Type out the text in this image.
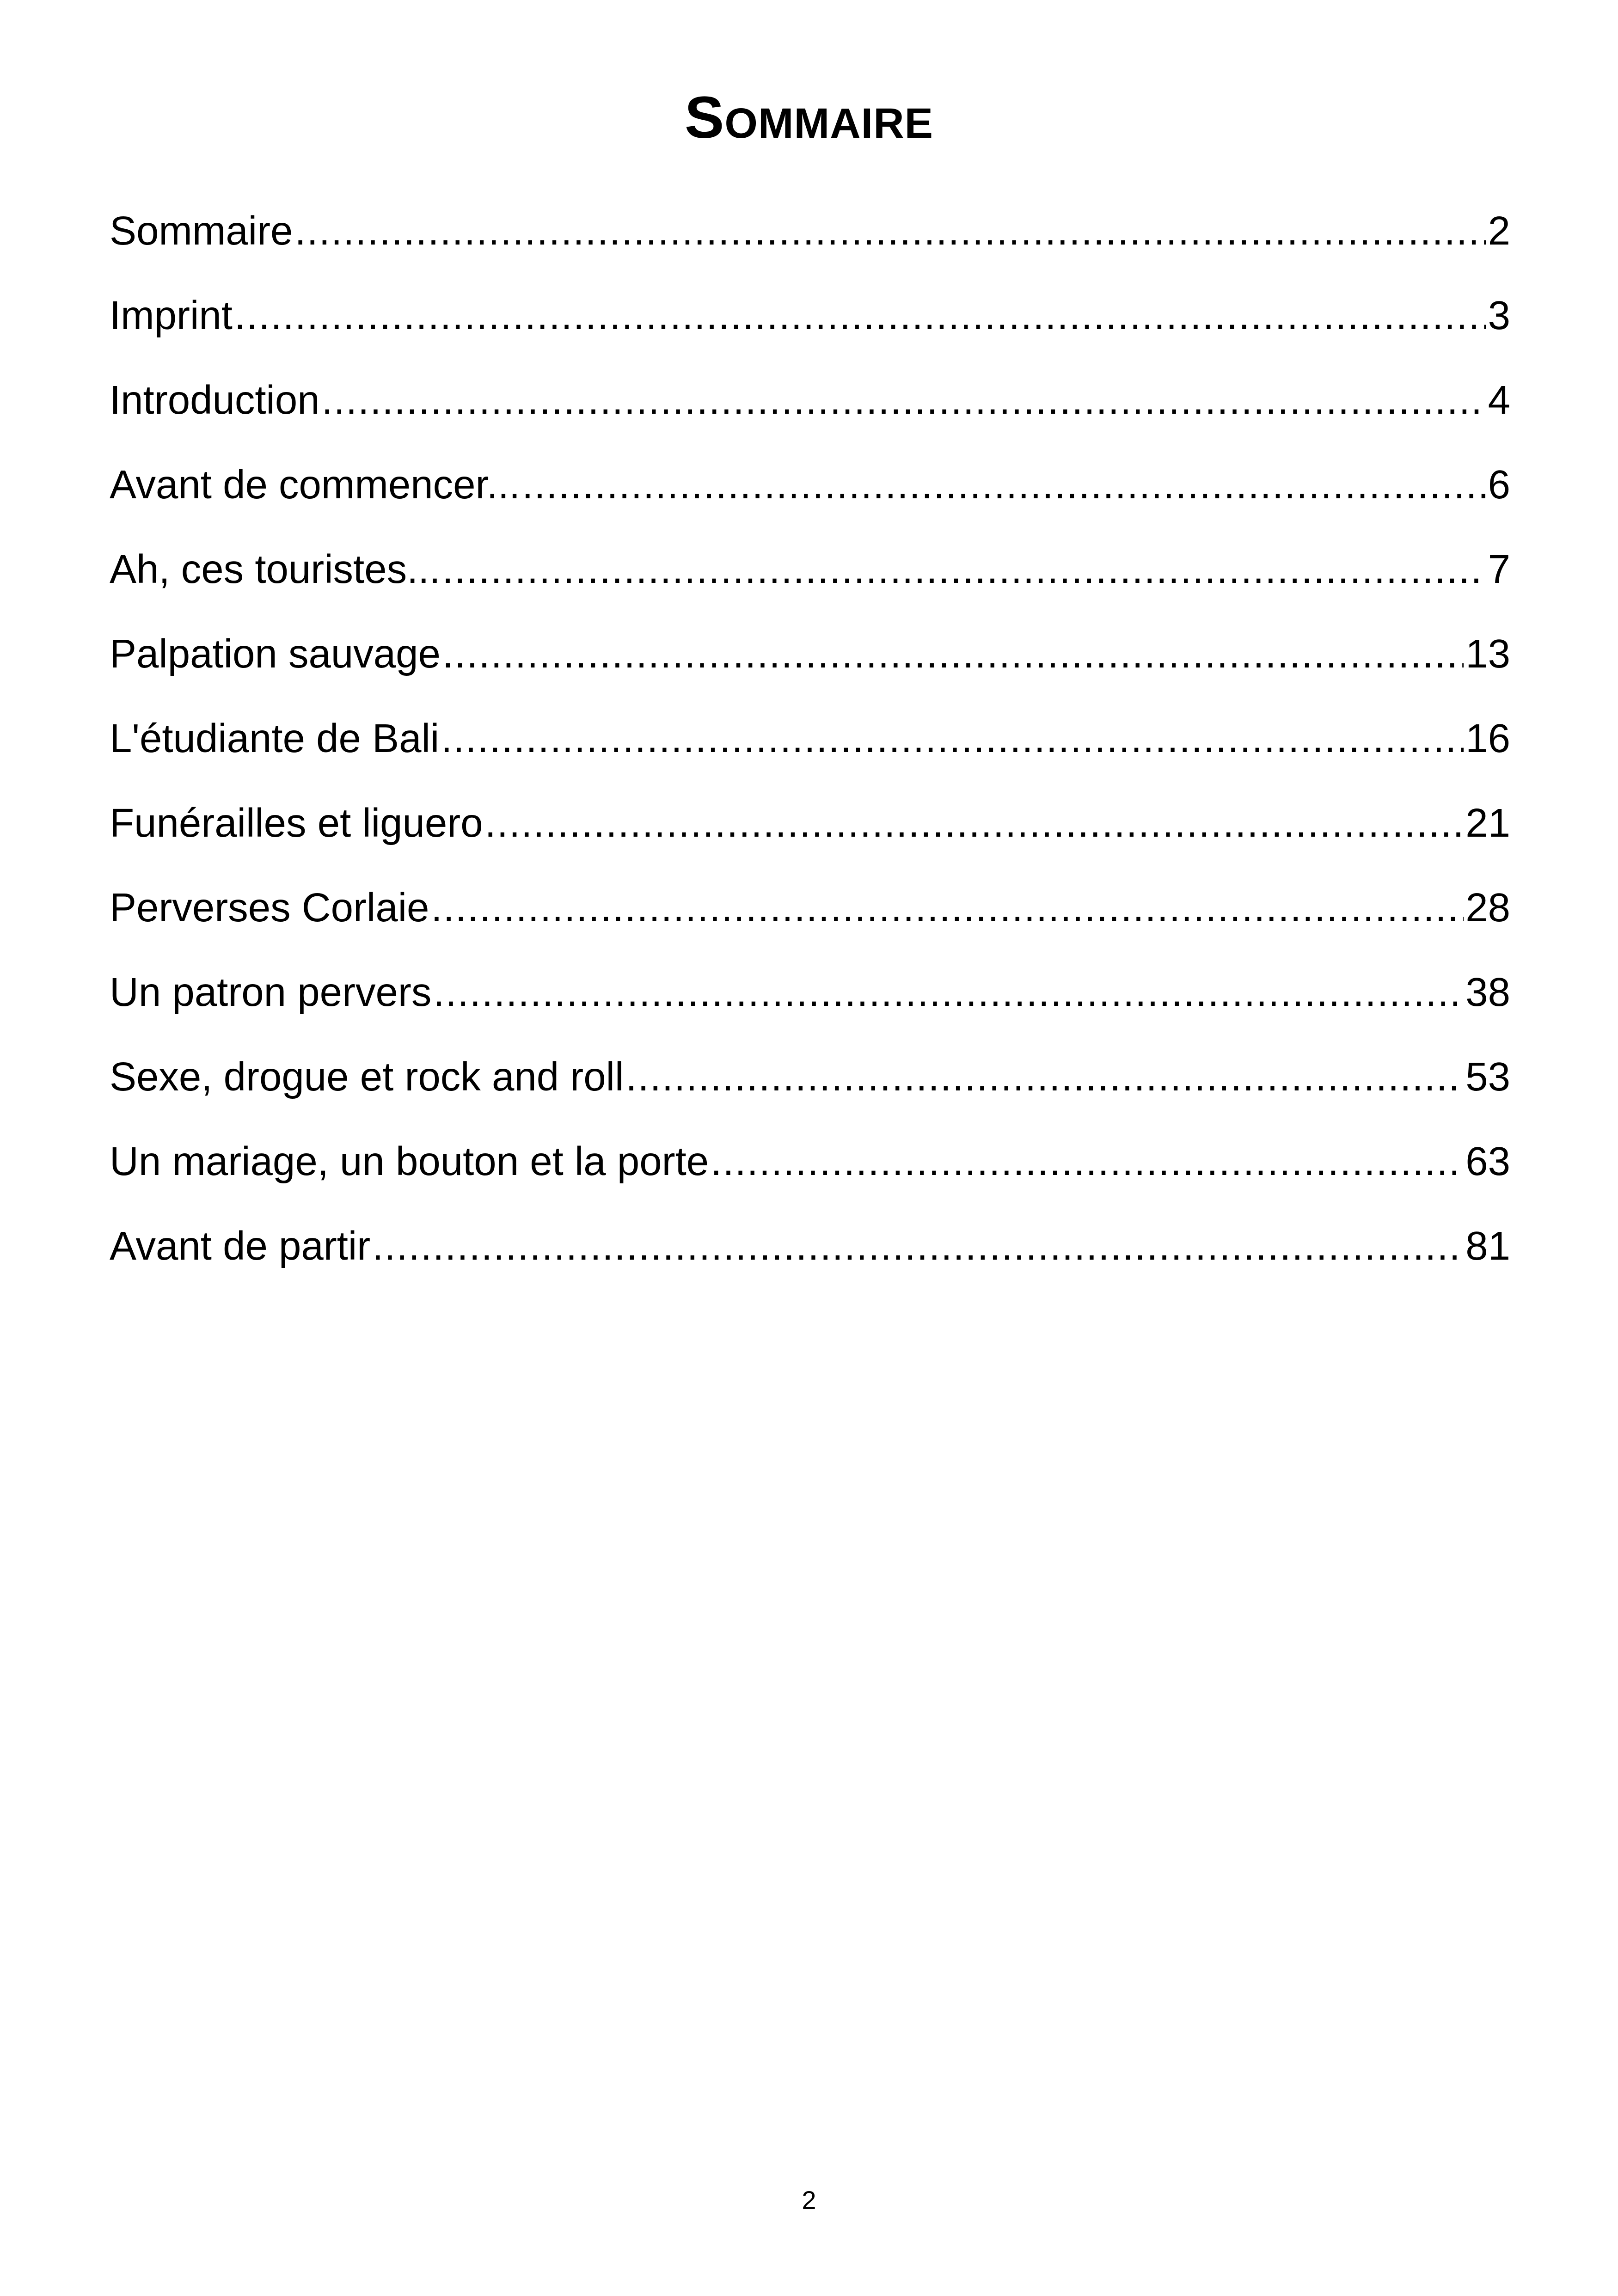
SOMMAIRE
Sommaire .....	2
Imprint .....	3
Introduction .....	4
Avant de commencer... .....	6
Ah, ces touristes... .....	7
Palpation sauvage .....	13
L'étudiante de Bali .....	16
Funérailles et liguero .....	21
Perverses Corlaie .....	28
Un patron pervers .....	38
Sexe, drogue et rock and roll .....	53
Un mariage, un bouton et la porte .....	63
Avant de partir .....	81
2
